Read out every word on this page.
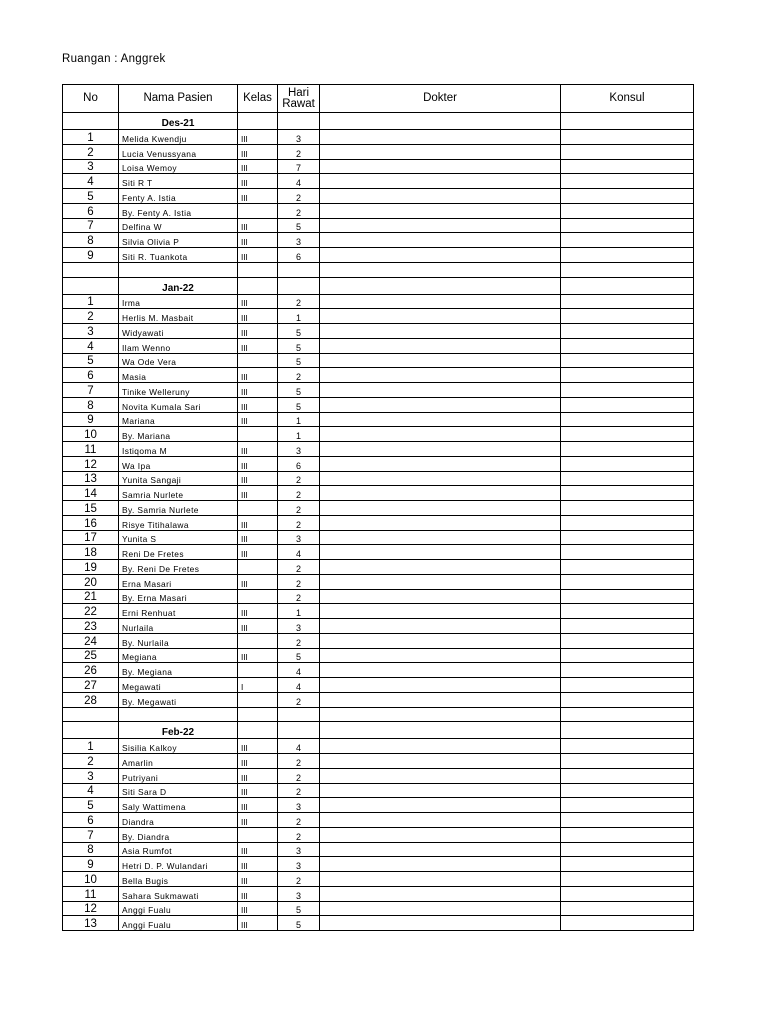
Ruangan : Anggrek
No	Nama Pasien	Kelas	Hari
Rawat	Dokter	Konsul
	Des-21				
1	Melida Kwendju	III	3		
2	Lucia Venussyana	III	2		
3	Loisa Wemoy	III	7		
4	Siti R T	III	4		
5	Fenty A. Istia	III	2		
6	By. Fenty A. Istia		2		
7	Delfina W	III	5		
8	Silvia Olivia P	III	3		
9	Siti R. Tuankota	III	6		

	Jan-22				
1	Irma	III	2		
2	Herlis M. Masbait	III	1		
3	Widyawati	III	5		
4	Ilam Wenno	III	5		
5	Wa Ode Vera		5		
6	Masia	III	2		
7	Tinike Welleruny	III	5		
8	Novita Kumala Sari	III	5		
9	Mariana	III	1		
10	By. Mariana		1		
11	Istiqoma M	III	3		
12	Wa Ipa	III	6		
13	Yunita Sangaji	III	2		
14	Samria Nurlete	III	2		
15	By. Samria Nurlete		2		
16	Risye Titihalawa	III	2		
17	Yunita S	III	3		
18	Reni De Fretes	III	4		
19	By. Reni De Fretes		2		
20	Erna Masari	III	2		
21	By. Erna Masari		2		
22	Erni Renhuat	III	1		
23	Nurlaila	III	3		
24	By. Nurlaila		2		
25	Megiana	III	5		
26	By. Megiana		4		
27	Megawati	I	4		
28	By. Megawati		2		

	Feb-22				
1	Sisilia Kalkoy	III	4		
2	Amarlin	III	2		
3	Putriyani	III	2		
4	Siti Sara D	III	2		
5	Saly Wattimena	III	3		
6	Diandra	III	2		
7	By. Diandra		2		
8	Asia Rumfot	III	3		
9	Hetri D. P. Wulandari	III	3		
10	Bella Bugis	III	2		
11	Sahara Sukmawati	III	3		
12	Anggi Fualu	III	5		
13	Anggi Fualu	III	5		
